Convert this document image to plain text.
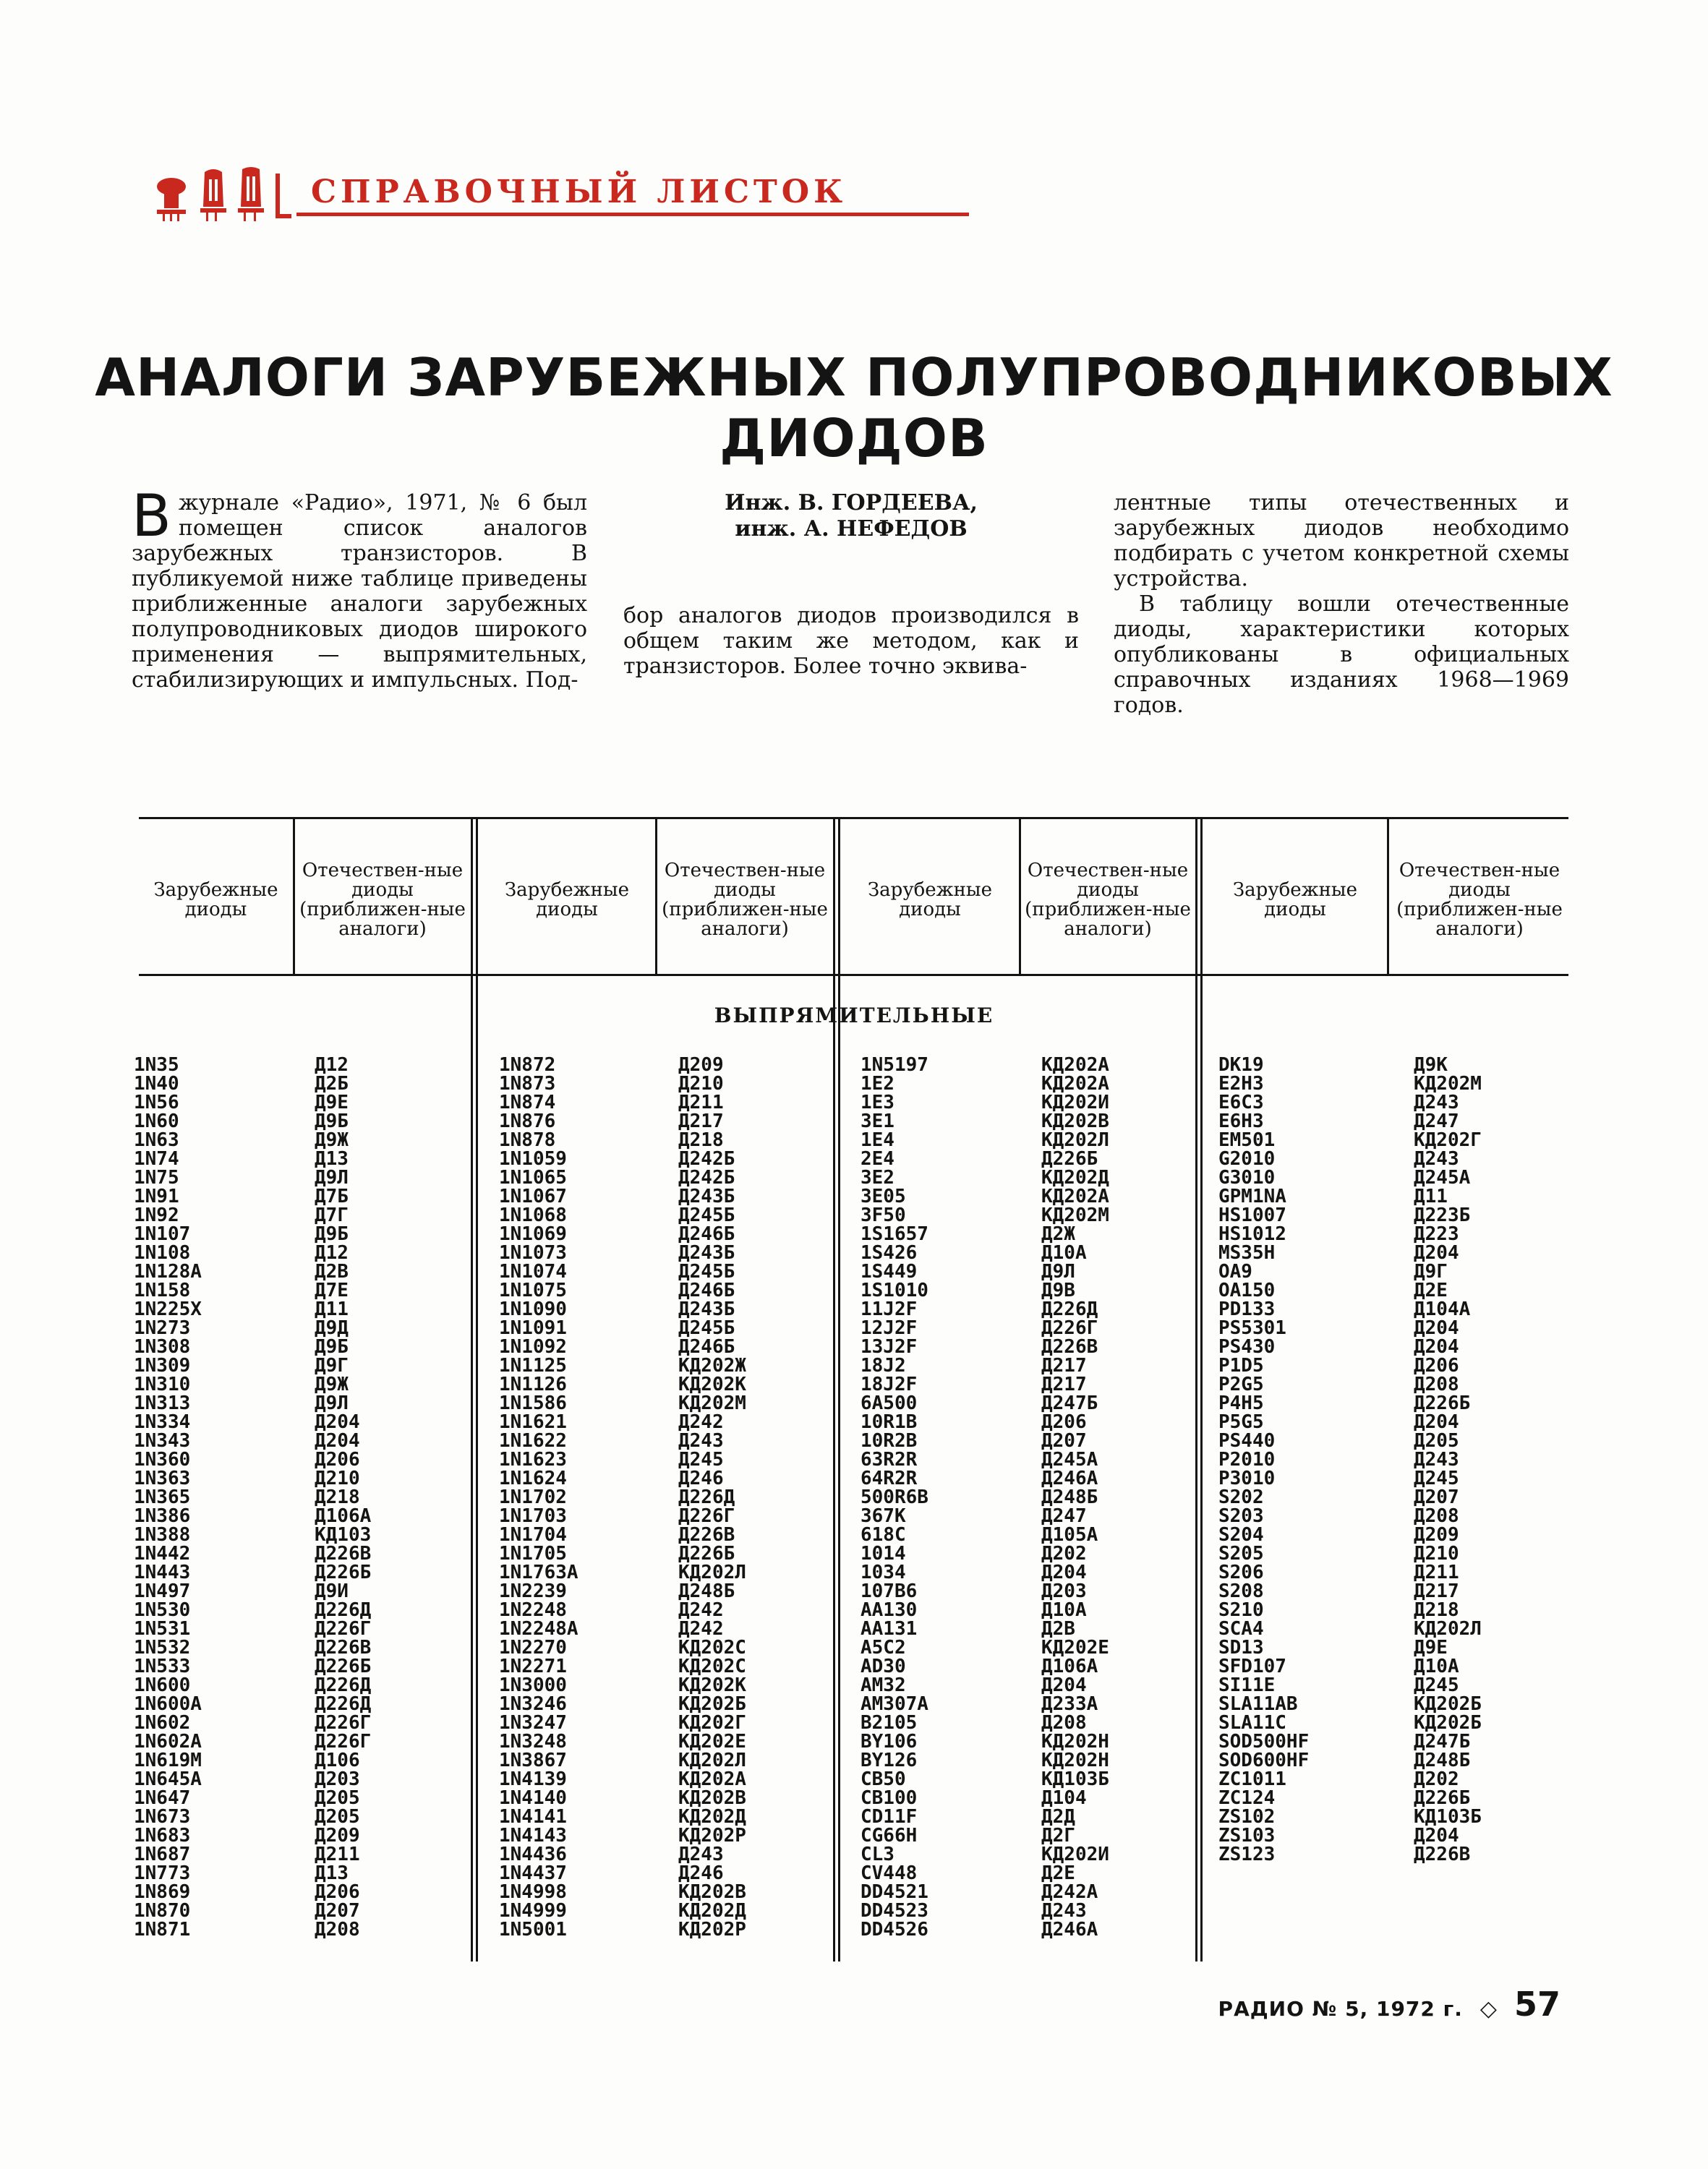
СПРАВОЧНЫЙ ЛИСТОК
АНАЛОГИ ЗАРУБЕЖНЫХ ПОЛУПРОВОДНИКОВЫХ ДИОДОВ
Вжурнале «Радио», 1971, № 6 был помещен список аналогов зарубежных транзисторов. В публикуемой ниже таблице приведены приближенные аналоги зарубежных полупроводниковых диодов широкого применения — выпрямительных, стабилизирующих и импульсных. Под-
Инж. В. ГОРДЕЕВА,
инж. А. НЕФЕДОВ

бор аналогов диодов производился в общем таким же методом, как и транзисторов. Более точно эквива-

лентные типы отечественных и зарубежных диодов необходимо подбирать с учетом конкретной схемы устройства.

В таблицу вошли отечественные диоды, характеристики которых опубликованы в официальных справочных изданиях 1968—1969 годов.

Зарубежные диоды
Отечествен-ные диоды (приближен-ные аналоги)
Зарубежные диоды
Отечествен-ные диоды (приближен-ные аналоги)
Зарубежные диоды
Отечествен-ные диоды (приближен-ные аналоги)
Зарубежные диоды
Отечествен-ные диоды (приближен-ные аналоги)
ВЫПРЯМИТЕЛЬНЫЕ
1N35
1N40
1N56
1N60
1N63
1N74
1N75
1N91
1N92
1N107
1N108
1N128A
1N158
1N225X
1N273
1N308
1N309
1N310
1N313
1N334
1N343
1N360
1N363
1N365
1N386
1N388
1N442
1N443
1N497
1N530
1N531
1N532
1N533
1N600
1N600A
1N602
1N602A
1N619M
1N645A
1N647
1N673
1N683
1N687
1N773
1N869
1N870
1N871
Д12
Д2Б
Д9Е
Д9Б
Д9Ж
Д13
Д9Л
Д7Б
Д7Г
Д9Б
Д12
Д2В
Д7Е
Д11
Д9Д
Д9Б
Д9Г
Д9Ж
Д9Л
Д204
Д204
Д206
Д210
Д218
Д106А
КД103
Д226В
Д226Б
Д9И
Д226Д
Д226Г
Д226В
Д226Б
Д226Д
Д226Д
Д226Г
Д226Г
Д106
Д203
Д205
Д205
Д209
Д211
Д13
Д206
Д207
Д208
1N872
1N873
1N874
1N876
1N878
1N1059
1N1065
1N1067
1N1068
1N1069
1N1073
1N1074
1N1075
1N1090
1N1091
1N1092
1N1125
1N1126
1N1586
1N1621
1N1622
1N1623
1N1624
1N1702
1N1703
1N1704
1N1705
1N1763A
1N2239
1N2248
1N2248A
1N2270
1N2271
1N3000
1N3246
1N3247
1N3248
1N3867
1N4139
1N4140
1N4141
1N4143
1N4436
1N4437
1N4998
1N4999
1N5001
Д209
Д210
Д211
Д217
Д218
Д242Б
Д242Б
Д243Б
Д245Б
Д246Б
Д243Б
Д245Б
Д246Б
Д243Б
Д245Б
Д246Б
КД202Ж
КД202К
КД202М
Д242
Д243
Д245
Д246
Д226Д
Д226Г
Д226В
Д226Б
КД202Л
Д248Б
Д242
Д242
КД202С
КД202С
КД202К
КД202Б
КД202Г
КД202Е
КД202Л
КД202А
КД202В
КД202Д
КД202Р
Д243
Д246
КД202В
КД202Д
КД202Р
1N5197
1E2
1E3
3E1
1E4
2E4
3E2
3E05
3F50
1S1657
1S426
1S449
1S1010
11J2F
12J2F
13J2F
18J2
18J2F
6A500
10R1B
10R2B
63R2R
64R2R
500R6B
367K
618C
1014
1034
107B6
AA130
AA131
A5C2
AD30
AM32
AM307A
B2105
BY106
BY126
CB50
CB100
CD11F
CG66H
CL3
CV448
DD4521
DD4523
DD4526
КД202А
КД202А
КД202И
КД202В
КД202Л
Д226Б
КД202Д
КД202А
КД202М
Д2Ж
Д10А
Д9Л
Д9В
Д226Д
Д226Г
Д226В
Д217
Д217
Д247Б
Д206
Д207
Д245А
Д246А
Д248Б
Д247
Д105А
Д202
Д204
Д203
Д10А
Д2В
КД202Е
Д106А
Д204
Д233А
Д208
КД202Н
КД202Н
КД103Б
Д104
Д2Д
Д2Г
КД202И
Д2Е
Д242А
Д243
Д246А
DK19
E2H3
E6C3
E6H3
EM501
G2010
G3010
GPM1NA
HS1007
HS1012
MS35H
OA9
OA150
PD133
PS5301
PS430
P1D5
P2G5
P4H5
P5G5
PS440
P2010
P3010
S202
S203
S204
S205
S206
S208
S210
SCA4
SD13
SFD107
SI11E
SLA11AB
SLA11C
SOD500HF
SOD600HF
ZC1011
ZC124
ZS102
ZS103
ZS123
Д9К
КД202М
Д243
Д247
КД202Г
Д243
Д245А
Д11
Д223Б
Д223
Д204
Д9Г
Д2Е
Д104А
Д204
Д204
Д206
Д208
Д226Б
Д204
Д205
Д243
Д245
Д207
Д208
Д209
Д210
Д211
Д217
Д218
КД202Л
Д9Е
Д10А
Д245
КД202Б
КД202Б
Д247Б
Д248Б
Д202
Д226Б
КД103Б
Д204
Д226В
РАДИО № 5, 1972 г. ◇ 57
